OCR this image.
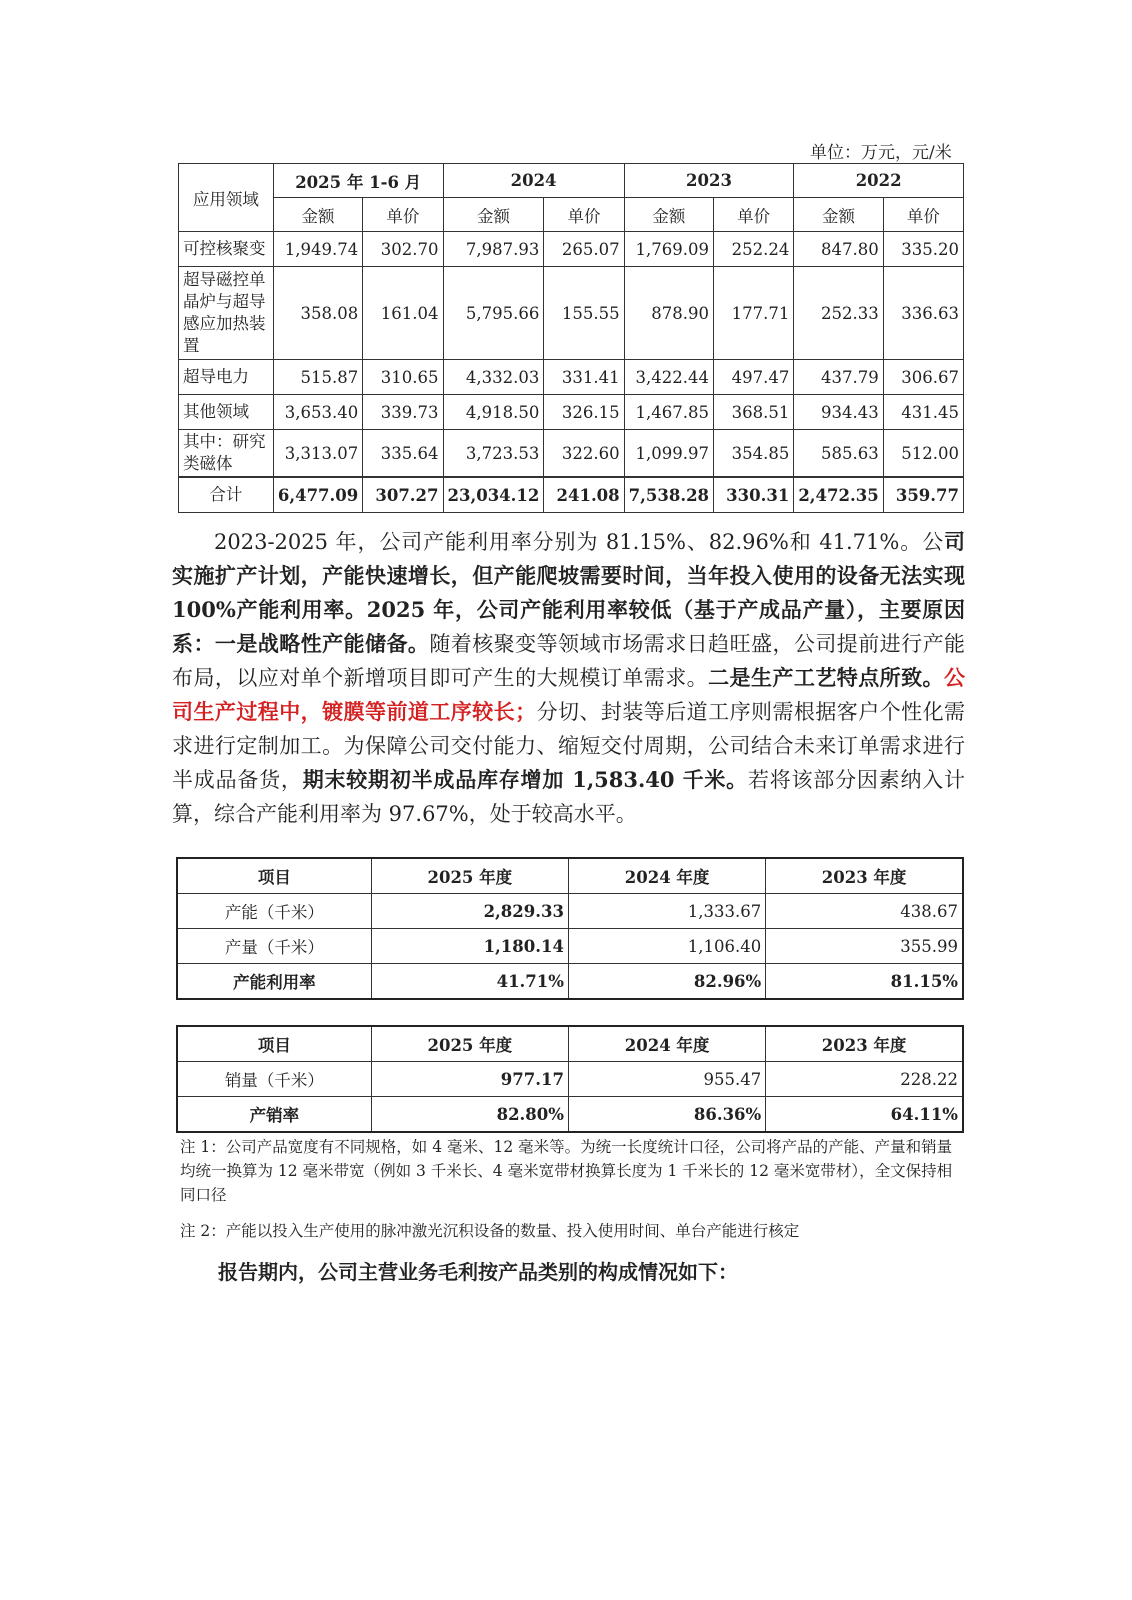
单位：万元，元/米
应用领域	2025 年 1-6 月		2024		2023		2022	
	金额	单价	金额	单价	金额	单价	金额	单价
可控核聚变	1,949.74	302.70	7,987.93	265.07	1,769.09	252.24	847.80	335.20
超导磁控单晶炉与超导感应加热装置	358.08	161.04	5,795.66	155.55	878.90	177.71	252.33	336.63
超导电力	515.87	310.65	4,332.03	331.41	3,422.44	497.47	437.79	306.67
其他领域	3,653.40	339.73	4,918.50	326.15	1,467.85	368.51	934.43	431.45
其中：研究类磁体	3,313.07	335.64	3,723.53	322.60	1,099.97	354.85	585.63	512.00
合计	6,477.09	307.27	23,034.12	241.08	7,538.28	330.31	2,472.35	359.77

2023-2025 年，公司产能利用率分别为 81.15%、82.96%和 41.71%。公司实施扩产计划，产能快速增长，但产能爬坡需要时间，当年投入使用的设备无法实现 100%产能利用率。2025 年，公司产能利用率较低（基于产成品产量），主要原因系：一是战略性产能储备。随着核聚变等领域市场需求日趋旺盛，公司提前进行产能布局，以应对单个新增项目即可产生的大规模订单需求。二是生产工艺特点所致。公司生产过程中，镀膜等前道工序较长；分切、封装等后道工序则需根据客户个性化需求进行定制加工。为保障公司交付能力、缩短交付周期，公司结合未来订单需求进行半成品备货，期末较期初半成品库存增加 1,583.40 千米。若将该部分因素纳入计算，综合产能利用率为 97.67%，处于较高水平。

项目	2025 年度	2024 年度	2023 年度
产能（千米）	2,829.33	1,333.67	438.67
产量（千米）	1,180.14	1,106.40	355.99
产能利用率	41.71%	82.96%	81.15%
项目	2025 年度	2024 年度	2023 年度
销量（千米）	977.17	955.47	228.22
产销率	82.80%	86.36%	64.11%

注 1：公司产品宽度有不同规格，如 4 毫米、12 毫米等。为统一长度统计口径，公司将产品的产能、产量和销量均统一换算为 12 毫米带宽（例如 3 千米长、4 毫米宽带材换算长度为 1 千米长的 12 毫米宽带材），全文保持相同口径

注 2：产能以投入生产使用的脉冲激光沉积设备的数量、投入使用时间、单台产能进行核定

报告期内，公司主营业务毛利按产品类别的构成情况如下：
